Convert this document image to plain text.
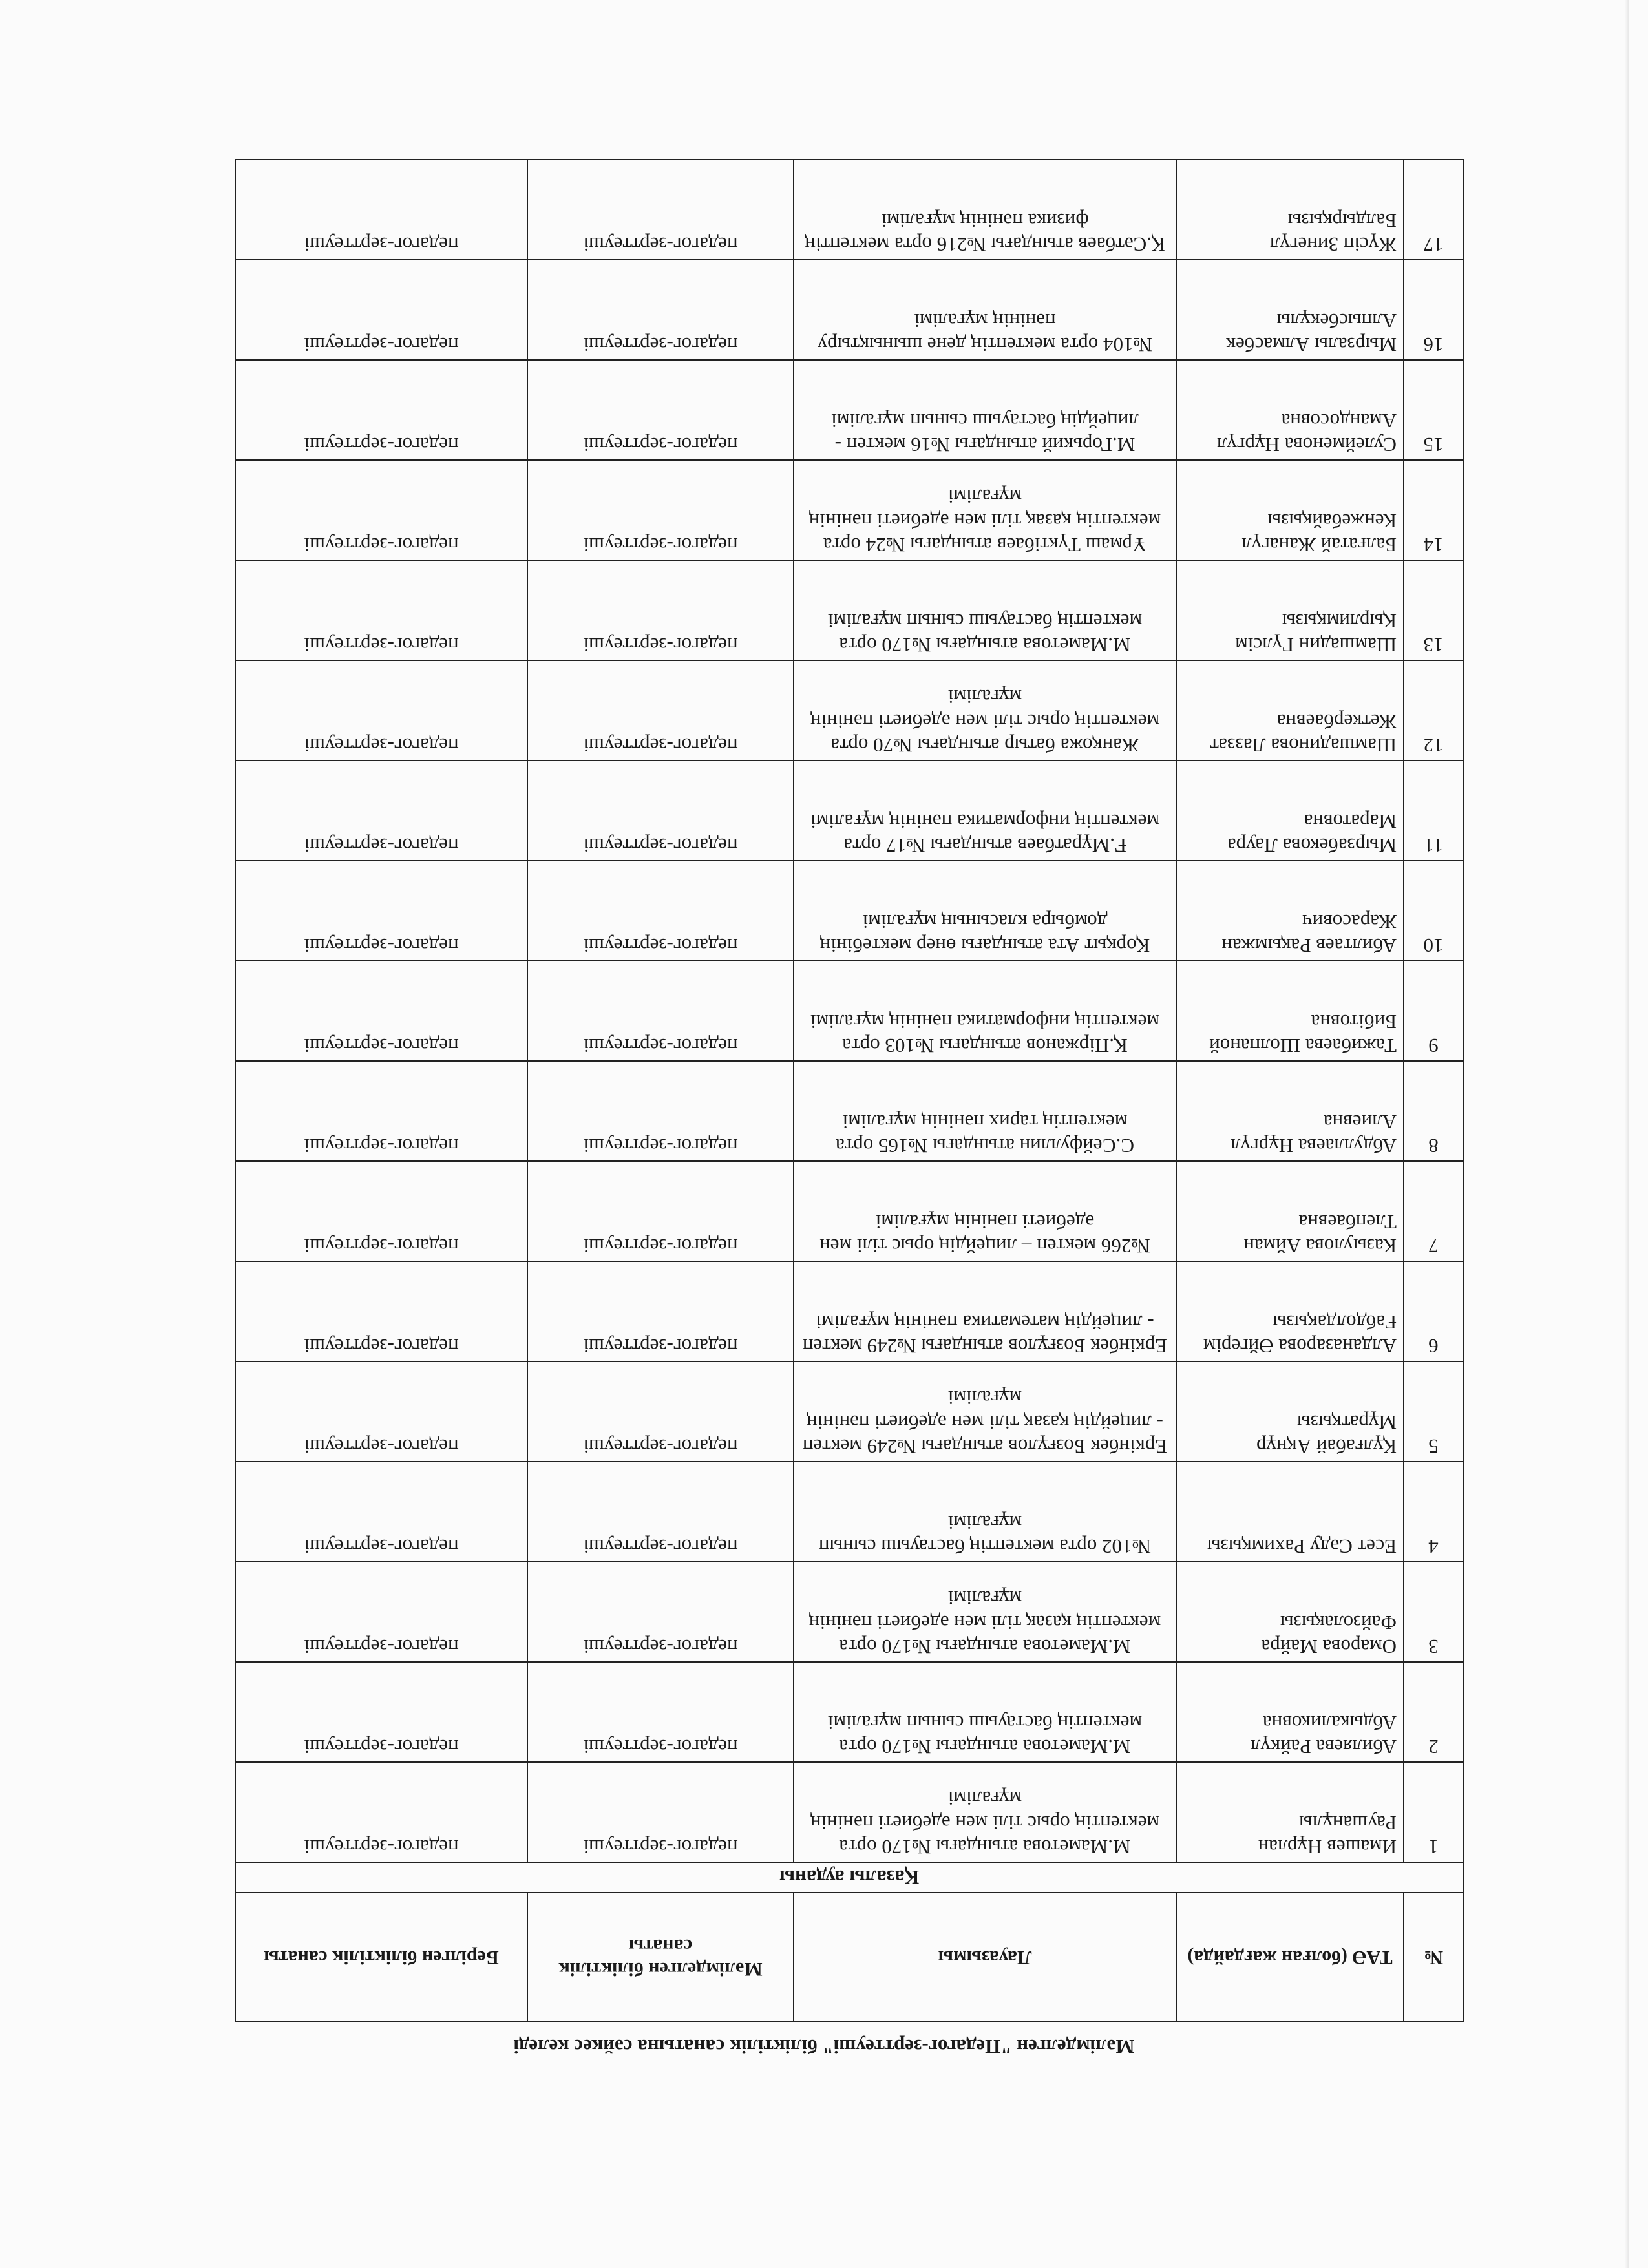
Мәлімделген "Педагог-зерттеуші" біліктілік санатына сәйкес келеді
№	ТАӘ (болған жағдайда)	Лауазымы	Мәлімделген біліктілік санаты	Берілген біліктілік санаты
Қазалы ауданы				
1	Имашев Нұрлан Раушанұлы	М.Маметова атындағы №170 орта мектептің орыс тілі мен әдебиеті пәнінің мұғалімі	педагог-зерттеуші	педагог-зерттеуші
2	Абиляева Райкүл Абдыкаликовна	М.Маметова атындағы №170 орта мектептің бастауыш сынып мұғалімі	педагог-зерттеуші	педагог-зерттеуші
3	Омарова Майра Файзолақызы	М.Маметова атындағы №170 орта мектептің қазақ тілі мен әдебиеті пәнінің мұғалімі	педагог-зерттеуші	педагог-зерттеуші
4	Есет Сәду Рахимқызы	№102 орта мектептің бастауыш сынып мұғалімі	педагог-зерттеуші	педагог-зерттеуші
5	Құлғабай Ақнұр Мұратқызы	Еркінбек Бозғұлов атындағы №249 мектеп - лицейдің қазақ тілі мен әдебиеті пәнінің мұғалімі	педагог-зерттеуші	педагог-зерттеуші
6	Алданазарова Әйгерім Ғабдолдақызы	Еркінбек Бозғұлов атындағы №249 мектеп - лицейдің математика пәнінің мұғалімі	педагог-зерттеуші	педагог-зерттеуші
7	Казыулова Айман Тлепбаевна	№266 мектеп – лицейдің орыс тілі мен әдебиеті пәнінің мұғалімі	педагог-зерттеуші	педагог-зерттеуші
8	Абдуллаева Нұргүл Алиевна	С.Сейфуллин атындағы №165 орта мектептің тарих пәнінің мұғалімі	педагог-зерттеуші	педагог-зерттеуші
9	Тажибаева Шолпаной Бибітовна	Қ.Піржанов атындағы №103 орта мектептің информатика пәнінің мұғалімі	педагог-зерттеуші	педагог-зерттеуші
10	Абилтаев Рақымжан Жарасович	Қорқыт Ата атындағы өнер мектебінің домбыра класының мұғалімі	педагог-зерттеуші	педагог-зерттеуші
11	Мырзабекова Лаура Маратовна	Ғ.Мұратбаев атындағы №17 орта мектептің информатика пәнінің мұғалімі	педагог-зерттеуші	педагог-зерттеуші
12	Шамшадинова Лаззат Жеткербаевна	Жанқожа батыр атындағы №70 орта мектептің орыс тілі мен әдебиеті пәнінің мұғалімі	педагог-зерттеуші	педагог-зерттеуші
13	Шамшадин Гүлсім Қырлимқызы	М.Маметова атындағы №170 орта мектептің бастауыш сынып мұғалімі	педагог-зерттеуші	педагог-зерттеуші
14	Балғатай Жанагүл Кенжебайқызы	Ұрмаш Түктібаев атындағы №24 орта мектептің қазақ тілі мен әдебиеті пәнінің мұғалімі	педагог-зерттеуші	педагог-зерттеуші
15	Сулейменова Нұргүл Амандосовна	М.Горький атындағы №16 мектеп - лицейдің бастауыш сынып мұғалімі	педагог-зерттеуші	педагог-зерттеуші
16	Мырзалы Алмасбек Алпысбекұлы	№104 орта мектептің дене шынықтыру пәнінің мұғалімі	педагог-зерттеуші	педагог-зерттеуші
17	Жүсіп Зинегүл Балдырқызы	Қ.Сәтбаев атындағы №216 орта мектептің физика пәнінің мұғалімі	педагог-зерттеуші	педагог-зерттеуші
